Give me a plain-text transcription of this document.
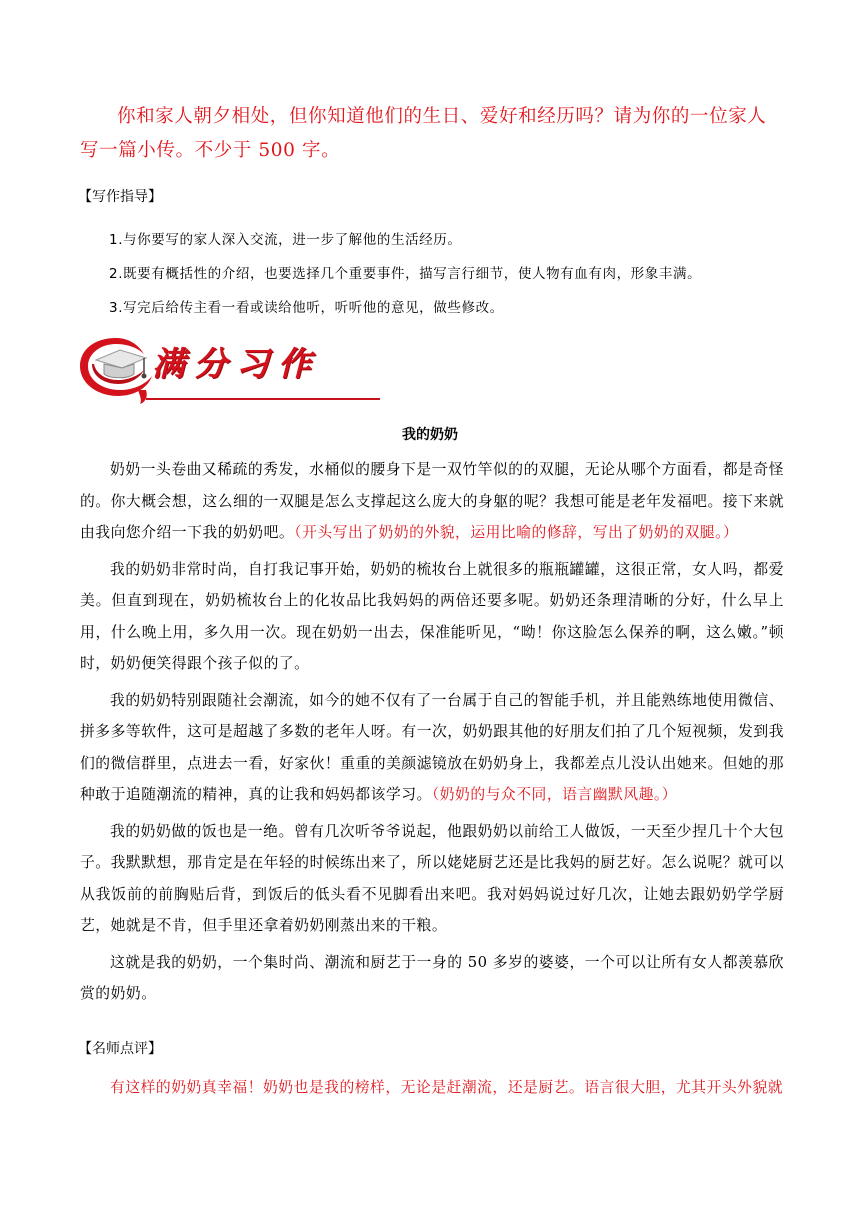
你和家人朝夕相处，但你知道他们的生日、爱好和经历吗？请为你的一位家人写一篇小传。不少于 500 字。
【写作指导】
1.与你要写的家人深入交流，进一步了解他的生活经历。
2.既要有概括性的介绍，也要选择几个重要事件，描写言行细节，使人物有血有肉，形象丰满。
3.写完后给传主看一看或读给他听，听听他的意见，做些修改。
满分习作
我的奶奶

奶奶一头卷曲又稀疏的秀发，水桶似的腰身下是一双竹竿似的的双腿，无论从哪个方面看，都是奇怪的。你大概会想，这么细的一双腿是怎么支撑起这么庞大的身躯的呢？我想可能是老年发福吧。接下来就由我向您介绍一下我的奶奶吧。（开头写出了奶奶的外貌，运用比喻的修辞，写出了奶奶的双腿。）

我的奶奶非常时尚，自打我记事开始，奶奶的梳妆台上就很多的瓶瓶罐罐，这很正常，女人吗，都爱美。但直到现在，奶奶梳妆台上的化妆品比我妈妈的两倍还要多呢。奶奶还条理清晰的分好，什么早上用，什么晚上用，多久用一次。现在奶奶一出去，保准能听见，“呦！你这脸怎么保养的啊，这么嫩。”顿时，奶奶便笑得跟个孩子似的了。

我的奶奶特别跟随社会潮流，如今的她不仅有了一台属于自己的智能手机，并且能熟练地使用微信、拼多多等软件，这可是超越了多数的老年人呀。有一次，奶奶跟其他的好朋友们拍了几个短视频，发到我们的微信群里，点进去一看，好家伙！重重的美颜滤镜放在奶奶身上，我都差点儿没认出她来。但她的那种敢于追随潮流的精神，真的让我和妈妈都该学习。（奶奶的与众不同，语言幽默风趣。）

我的奶奶做的饭也是一绝。曾有几次听爷爷说起，他跟奶奶以前给工人做饭，一天至少捏几十个大包子。我默默想，那肯定是在年轻的时候练出来了，所以姥姥厨艺还是比我妈的厨艺好。怎么说呢？就可以从我饭前的前胸贴后背，到饭后的低头看不见脚看出来吧。我对妈妈说过好几次，让她去跟奶奶学学厨艺，她就是不肯，但手里还拿着奶奶刚蒸出来的干粮。

这就是我的奶奶，一个集时尚、潮流和厨艺于一身的 50 多岁的婆婆，一个可以让所有女人都羡慕欣赏的奶奶。

【名师点评】
有这样的奶奶真幸福！奶奶也是我的榜样，无论是赶潮流，还是厨艺。语言很大胆，尤其开头外貌就
